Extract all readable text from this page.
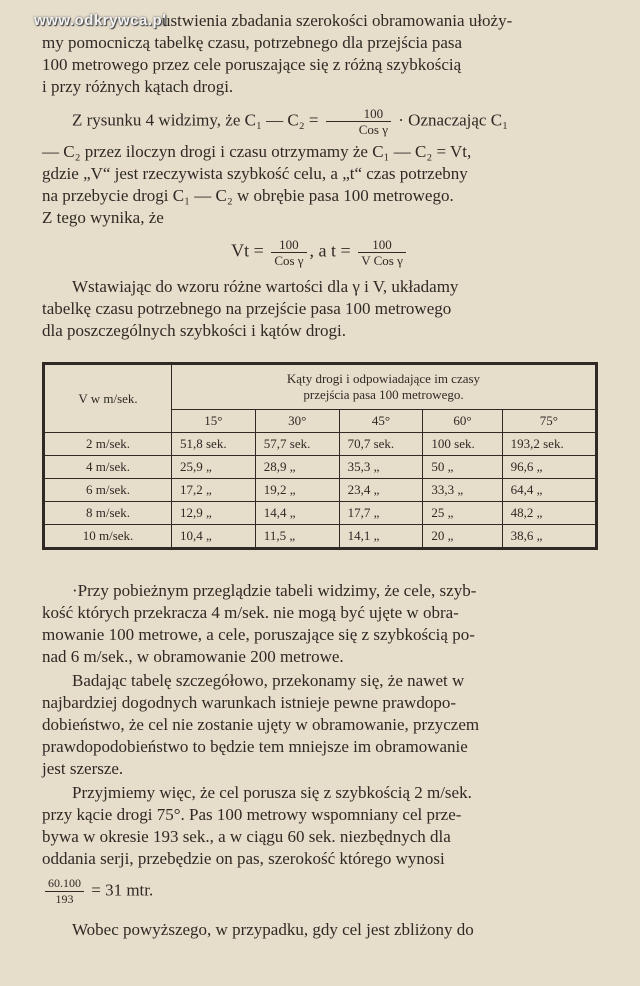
www.odkrywca.pl

ustwienia zbadania szerokości obramowania ułoży-
my pomocniczą tabelkę czasu, potrzebnego dla przejścia pasa
100 metrowego przez cele poruszające się z różną szybkością
i przy różnych kątach drogi.

Z rysunku 4 widzimy, że C₁ — $C_2 = \frac{100}{\text{Cos γ}}$ · Oznaczając C₁

— C₂ przez iloczyn drogi i czasu otrzymamy że C₁ — C₂ = Vt,
gdzie „V“ jest rzeczywista szybkość celu, a „t“ czas potrzebny
na przebycie drogi C₁ — C₂ w obrębie pasa 100 metrowego.
Z tego wynika, że

$Vt = \frac{100}{\text{Cos γ}}$ , a $t = \frac{100}{\text{V Cos γ}}$

Wstawiając do wzoru różne wartości dla γ i V, układamy
tabelkę czasu potrzebnego na przejście pasa 100 metrowego
dla poszczególnych szybkości i kątów drogi.

V w m/sek.	Kąty drogi i odpowiadające im czasy
przejścia pasa 100 metrowego.				
	15°	30°	45°	60°	75°
2 m/sek.	51,8 sek.	57,7 sek.	70,7 sek.	100 sek.	193,2 sek.
4 m/sek.	25,9 „	28,9 „	35,3 „	50 „	96,6 „
6 m/sek.	17,2 „	19,2 „	23,4 „	33,3 „	64,4 „
8 m/sek.	12,9 „	14,4 „	17,7 „	25 „	48,2 „
10 m/sek.	10,4 „	11,5 „	14,1 „	20 „	38,6 „

·Przy pobieżnym przeglądzie tabeli widzimy, że cele, szyb-
kość których przekracza 4 m/sek. nie mogą być ujęte w obra-
mowanie 100 metrowe, a cele, poruszające się z szybkością po-
nad 6 m/sek., w obramowanie 200 metrowe.

Badając tabelę szczegółowo, przekonamy się, że nawet w
najbardziej dogodnych warunkach istnieje pewne prawdopo-
dobieństwo, że cel nie zostanie ujęty w obramowanie, przyczem
prawdopodobieństwo to będzie tem mniejsze im obramowanie
jest szersze.

Przyjmiemy więc, że cel porusza się z szybkością 2 m/sek.
przy kącie drogi 75°. Pas 100 metrowy wspomniany cel prze-
bywa w okresie 193 sek., a w ciągu 60 sek. niezbędnych dla
oddania serji, przebędzie on pas, szerokość którego wynosi

$\frac{60.100}{193} = 31$ mtr.

Wobec powyższego, w przypadku, gdy cel jest zbliżony do
